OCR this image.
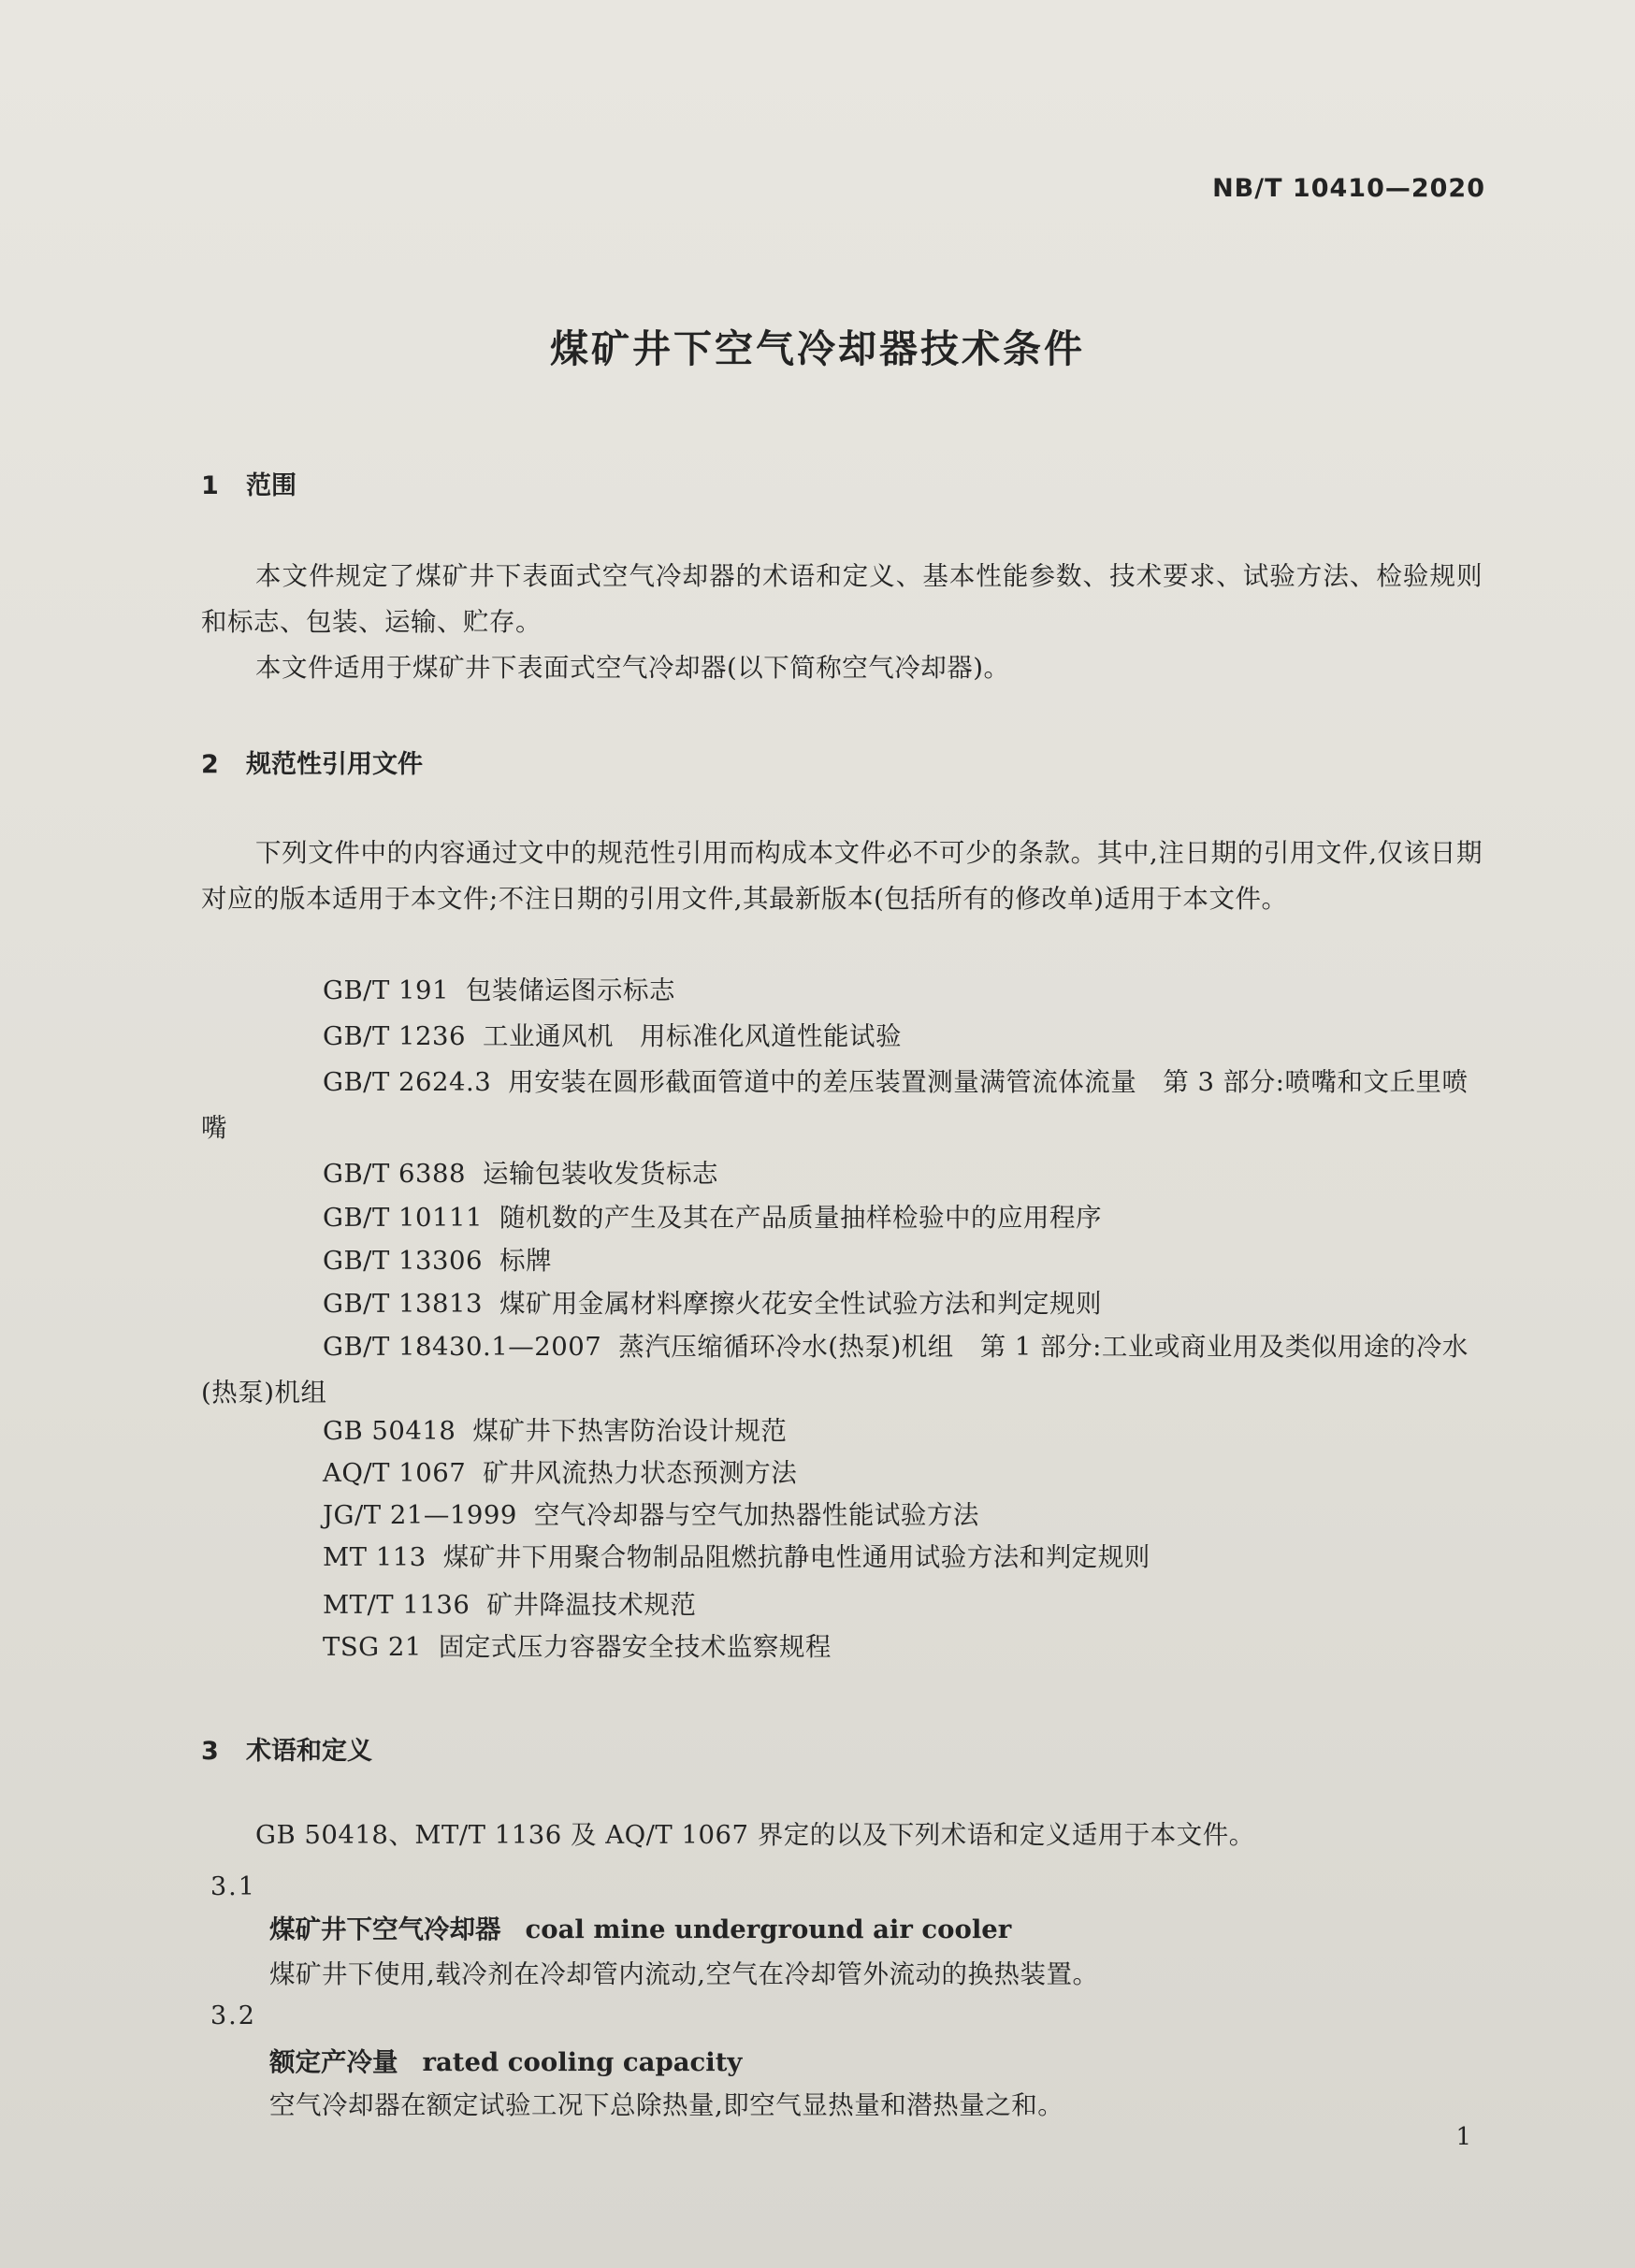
NB/T 10410—2020
煤矿井下空气冷却器技术条件
1 范围
本文件规定了煤矿井下表面式空气冷却器的术语和定义、基本性能参数、技术要求、试验方法、检验规则和标志、包装、运输、贮存。
本文件适用于煤矿井下表面式空气冷却器(以下简称空气冷却器)。
2 规范性引用文件
下列文件中的内容通过文中的规范性引用而构成本文件必不可少的条款。其中,注日期的引用文件,仅该日期对应的版本适用于本文件;不注日期的引用文件,其最新版本(包括所有的修改单)适用于本文件。
GB/T 191 包装储运图示标志
GB/T 1236 工业通风机　用标准化风道性能试验
GB/T 2624.3 用安装在圆形截面管道中的差压装置测量满管流体流量　第 3 部分:喷嘴和文丘里喷嘴
GB/T 6388 运输包装收发货标志
GB/T 10111 随机数的产生及其在产品质量抽样检验中的应用程序
GB/T 13306 标牌
GB/T 13813 煤矿用金属材料摩擦火花安全性试验方法和判定规则
GB/T 18430.1—2007 蒸汽压缩循环冷水(热泵)机组　第 1 部分:工业或商业用及类似用途的冷水(热泵)机组
GB 50418 煤矿井下热害防治设计规范
AQ/T 1067 矿井风流热力状态预测方法
JG/T 21—1999 空气冷却器与空气加热器性能试验方法
MT 113 煤矿井下用聚合物制品阻燃抗静电性通用试验方法和判定规则
MT/T 1136 矿井降温技术规范
TSG 21 固定式压力容器安全技术监察规程
3 术语和定义
GB 50418、MT/T 1136 及 AQ/T 1067 界定的以及下列术语和定义适用于本文件。
3.1
煤矿井下空气冷却器 coal mine underground air cooler
煤矿井下使用,载冷剂在冷却管内流动,空气在冷却管外流动的换热装置。
3.2
额定产冷量 rated cooling capacity
空气冷却器在额定试验工况下总除热量,即空气显热量和潜热量之和。
1
